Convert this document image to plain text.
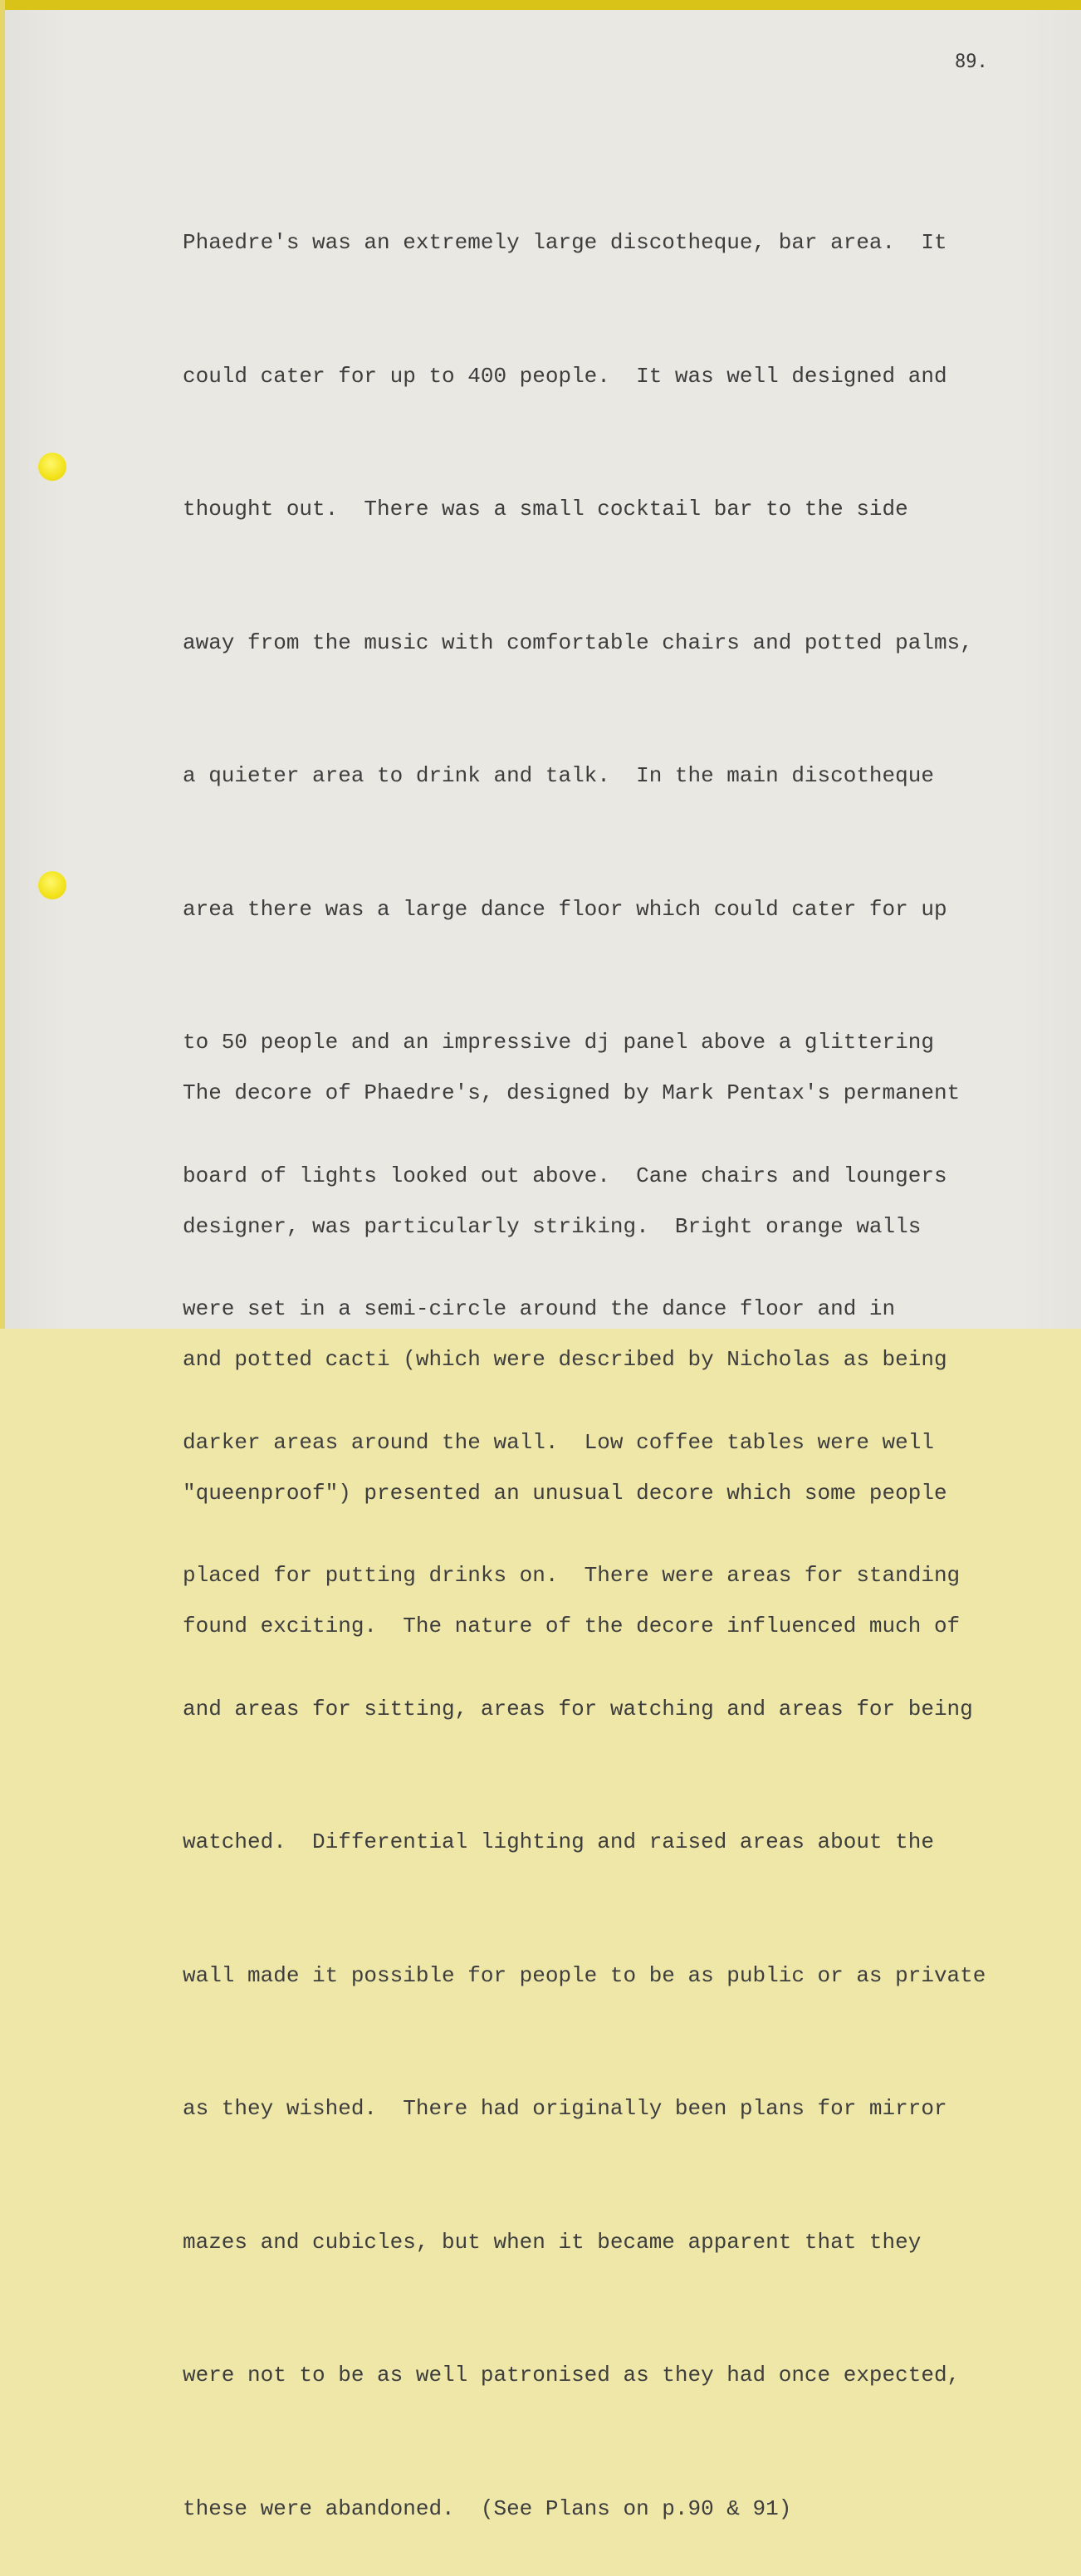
89.

Phaedre's was an extremely large discotheque, bar area.  It

could cater for up to 400 people.  It was well designed and

thought out.  There was a small cocktail bar to the side

away from the music with comfortable chairs and potted palms,

a quieter area to drink and talk.  In the main discotheque

area there was a large dance floor which could cater for up

to 50 people and an impressive dj panel above a glittering

board of lights looked out above.  Cane chairs and loungers

were set in a semi-circle around the dance floor and in

darker areas around the wall.  Low coffee tables were well

placed for putting drinks on.  There were areas for standing

and areas for sitting, areas for watching and areas for being

watched.  Differential lighting and raised areas about the

wall made it possible for people to be as public or as private

as they wished.  There had originally been plans for mirror

mazes and cubicles, but when it became apparent that they

were not to be as well patronised as they had once expected,

these were abandoned.  (See Plans on p.90 & 91)

The decore of Phaedre's, designed by Mark Pentax's permanent

designer, was particularly striking.  Bright orange walls

and potted cacti (which were described by Nicholas as being

"queenproof") presented an unusual decore which some people

found exciting.  The nature of the decore influenced much of
